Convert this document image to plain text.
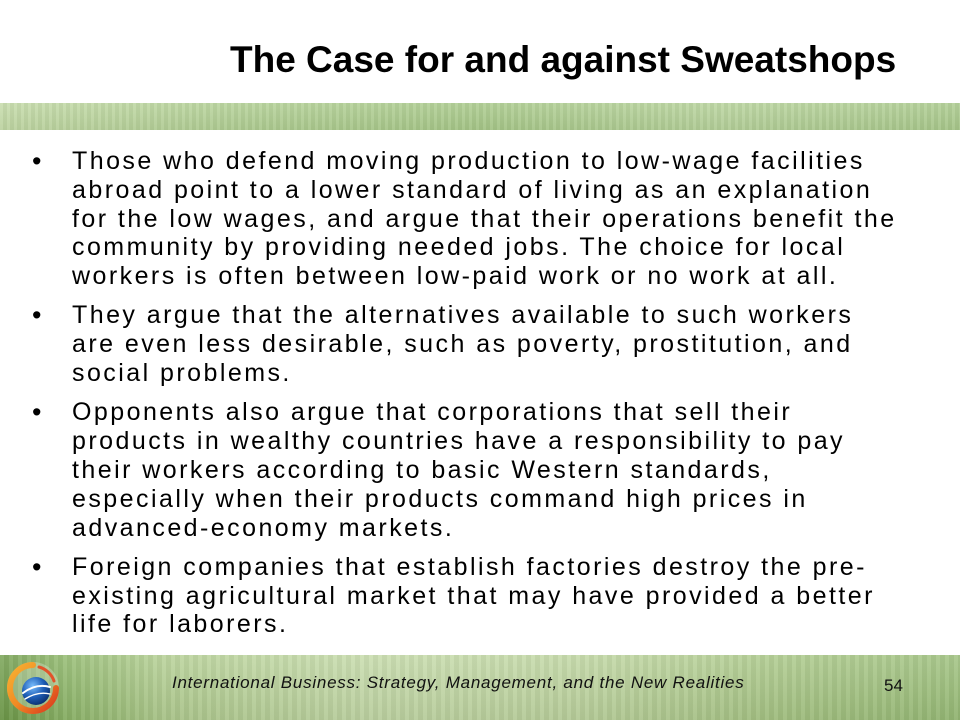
The Case for and against Sweatshops
• Those who defend moving production to low-wage facilities
abroad point to a lower standard of living as an explanation
for the low wages, and argue that their operations benefit the
community by providing needed jobs. The choice for local
workers is often between low-paid work or no work at all.
• They argue that the alternatives available to such workers
are even less desirable, such as poverty, prostitution, and
social problems.
• Opponents also argue that corporations that sell their
products in wealthy countries have a responsibility to pay
their workers according to basic Western standards,
especially when their products command high prices in
advanced-economy markets.
• Foreign companies that establish factories destroy the pre-
existing agricultural market that may have provided a better
life for laborers.
International Business: Strategy, Management, and the New Realities	54
